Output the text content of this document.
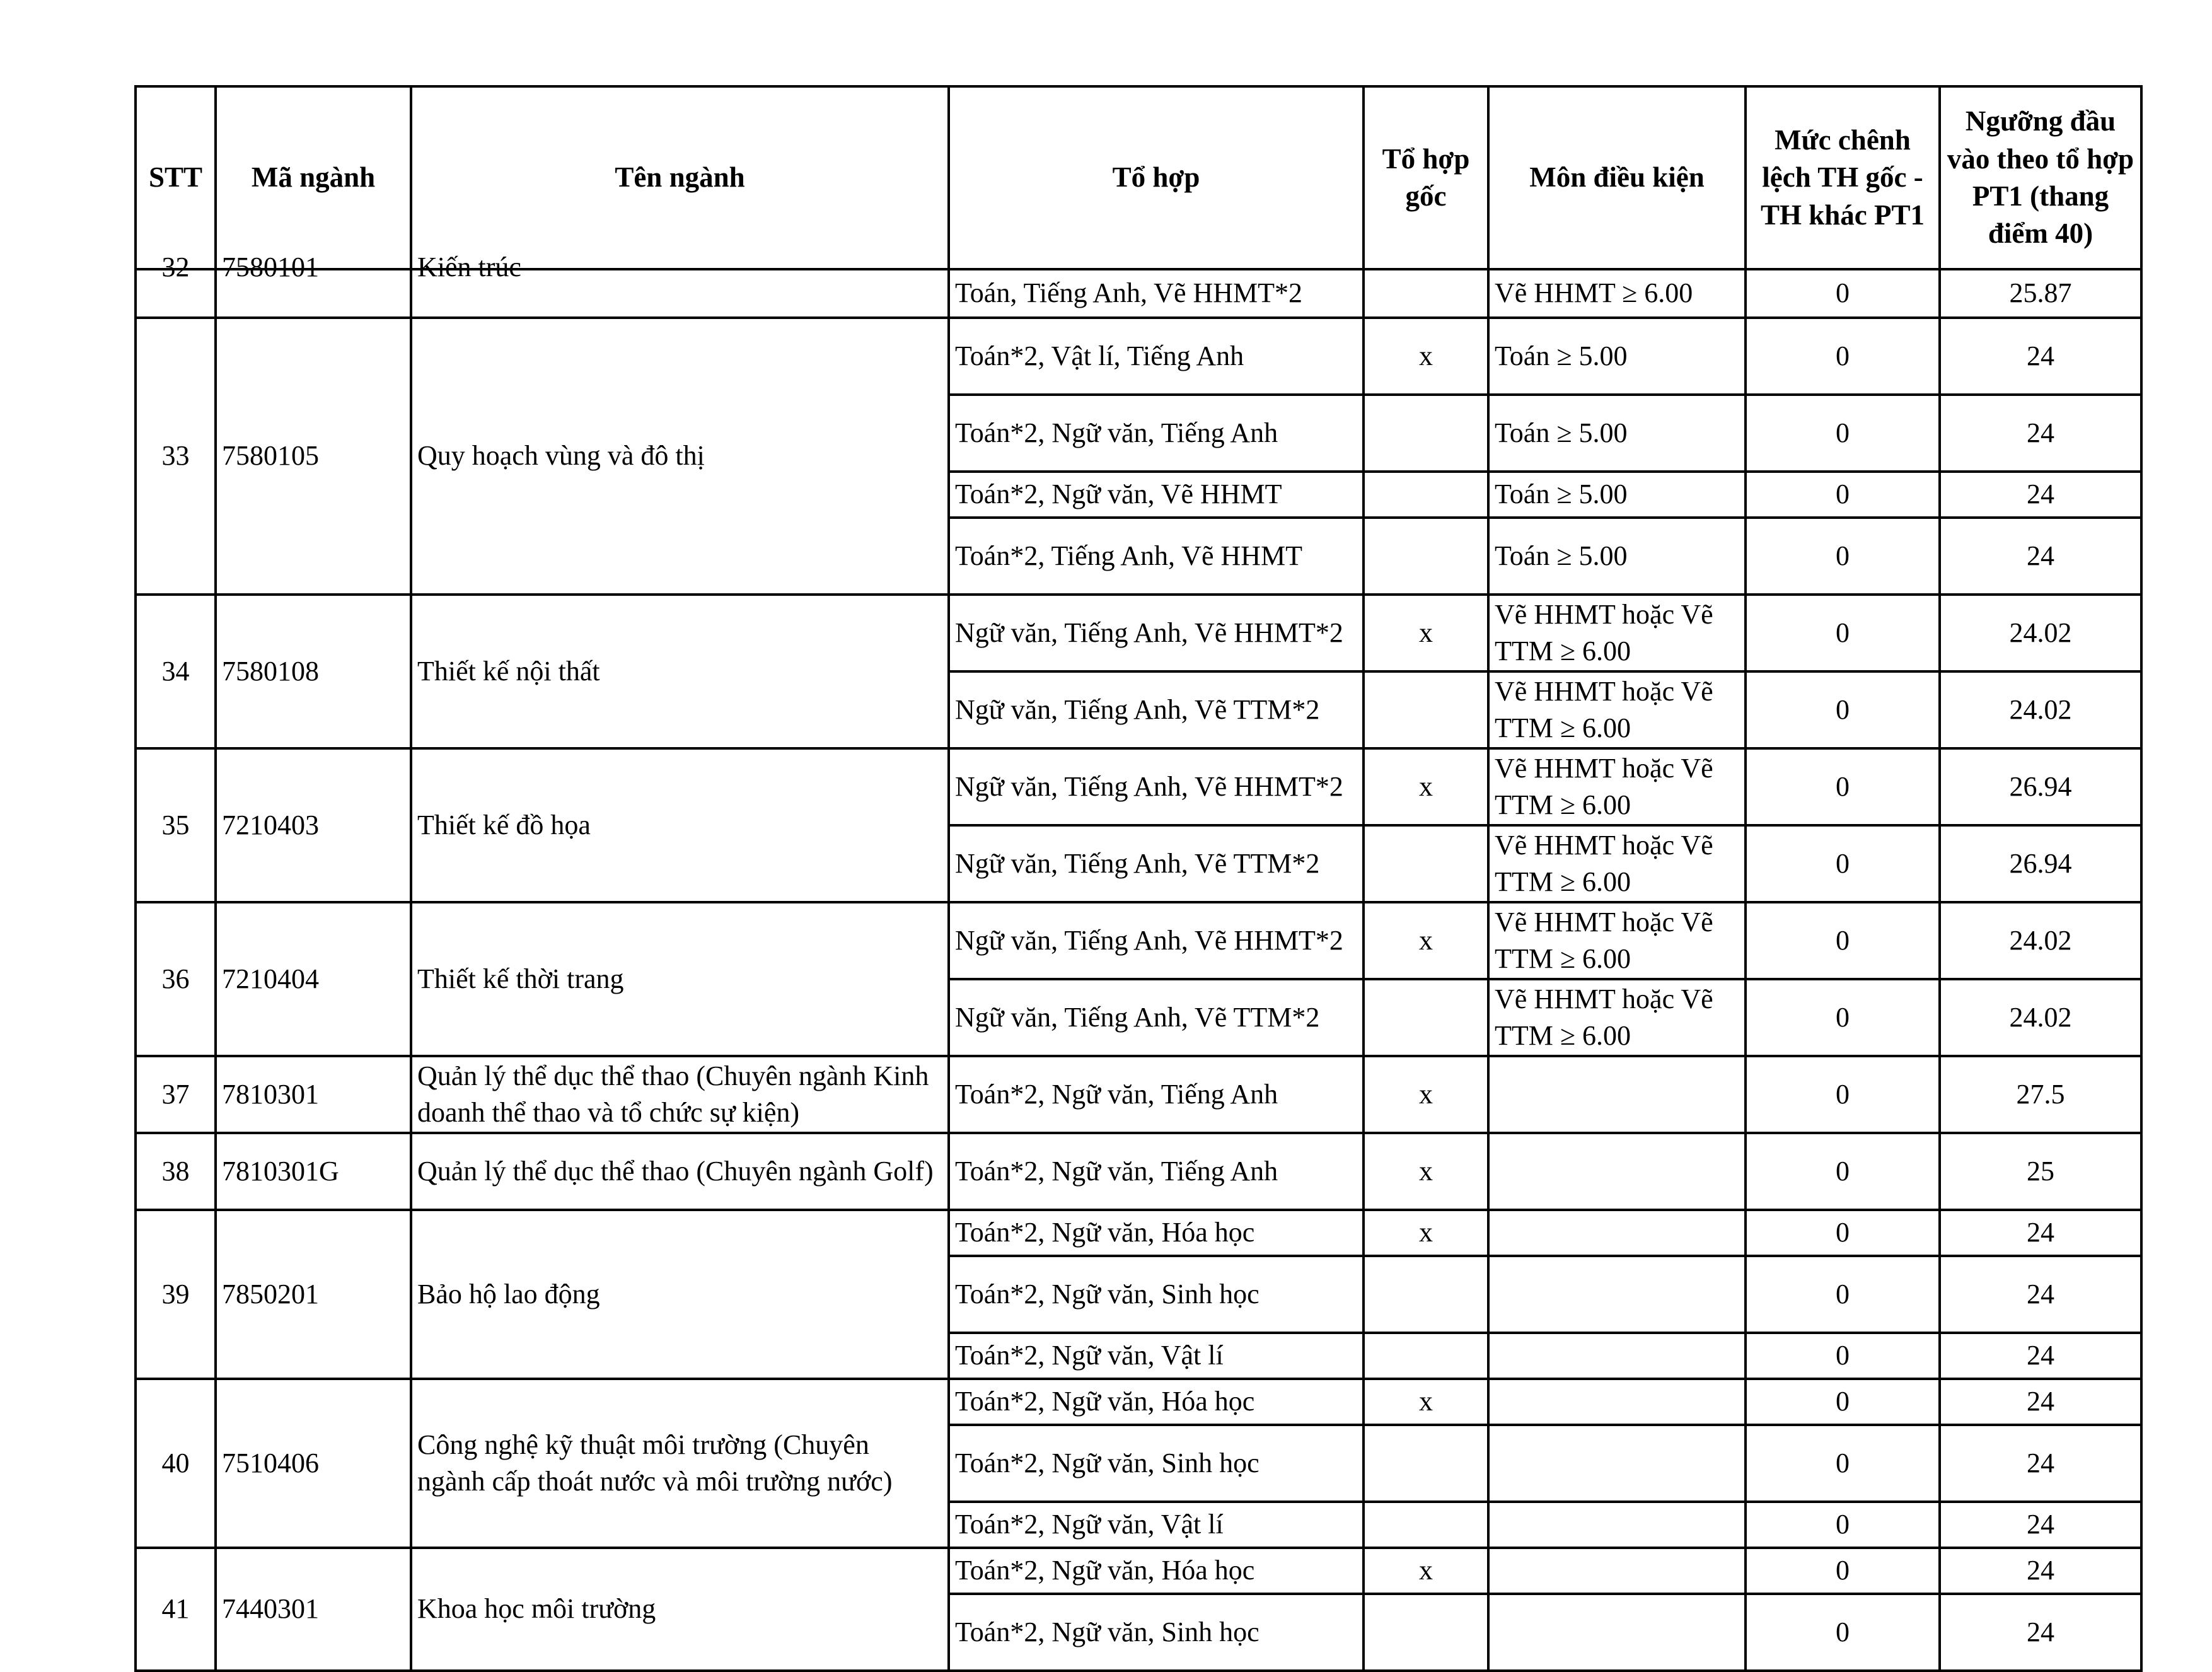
STT	Mã ngành	Tên ngành	Tổ hợp	Tổ hợp gốc	Môn điều kiện	Mức chênh lệch TH gốc - TH khác PT1	Ngưỡng đầu vào theo tổ hợp PT1 (thang điểm 40)

32	7580101	Kiến trúc	Toán, Tiếng Anh, Vẽ HHMT*2		Vẽ HHMT ≥ 6.00	0	25.87
33	7580105	Quy hoạch vùng và đô thị	Toán*2, Vật lí, Tiếng Anh	x	Toán ≥ 5.00	0	24
			Toán*2, Ngữ văn, Tiếng Anh		Toán ≥ 5.00	0	24
			Toán*2, Ngữ văn, Vẽ HHMT		Toán ≥ 5.00	0	24
			Toán*2, Tiếng Anh, Vẽ HHMT		Toán ≥ 5.00	0	24
34	7580108	Thiết kế nội thất	Ngữ văn, Tiếng Anh, Vẽ HHMT*2	x	Vẽ HHMT hoặc Vẽ TTM ≥ 6.00	0	24.02
			Ngữ văn, Tiếng Anh, Vẽ TTM*2		Vẽ HHMT hoặc Vẽ TTM ≥ 6.00	0	24.02
35	7210403	Thiết kế đồ họa	Ngữ văn, Tiếng Anh, Vẽ HHMT*2	x	Vẽ HHMT hoặc Vẽ TTM ≥ 6.00	0	26.94
			Ngữ văn, Tiếng Anh, Vẽ TTM*2		Vẽ HHMT hoặc Vẽ TTM ≥ 6.00	0	26.94
36	7210404	Thiết kế thời trang	Ngữ văn, Tiếng Anh, Vẽ HHMT*2	x	Vẽ HHMT hoặc Vẽ TTM ≥ 6.00	0	24.02
			Ngữ văn, Tiếng Anh, Vẽ TTM*2		Vẽ HHMT hoặc Vẽ TTM ≥ 6.00	0	24.02
37	7810301	Quản lý thể dục thể thao (Chuyên ngành Kinh doanh thể thao và tổ chức sự kiện)	Toán*2, Ngữ văn, Tiếng Anh	x		0	27.5
38	7810301G	Quản lý thể dục thể thao (Chuyên ngành Golf)	Toán*2, Ngữ văn, Tiếng Anh	x		0	25
39	7850201	Bảo hộ lao động	Toán*2, Ngữ văn, Hóa học	x		0	24
			Toán*2, Ngữ văn, Sinh học			0	24
			Toán*2, Ngữ văn, Vật lí			0	24
40	7510406	Công nghệ kỹ thuật môi trường (Chuyên ngành cấp thoát nước và môi trường nước)	Toán*2, Ngữ văn, Hóa học	x		0	24
			Toán*2, Ngữ văn, Sinh học			0	24
			Toán*2, Ngữ văn, Vật lí			0	24
41	7440301	Khoa học môi trường	Toán*2, Ngữ văn, Hóa học	x		0	24
			Toán*2, Ngữ văn, Sinh học			0	24
